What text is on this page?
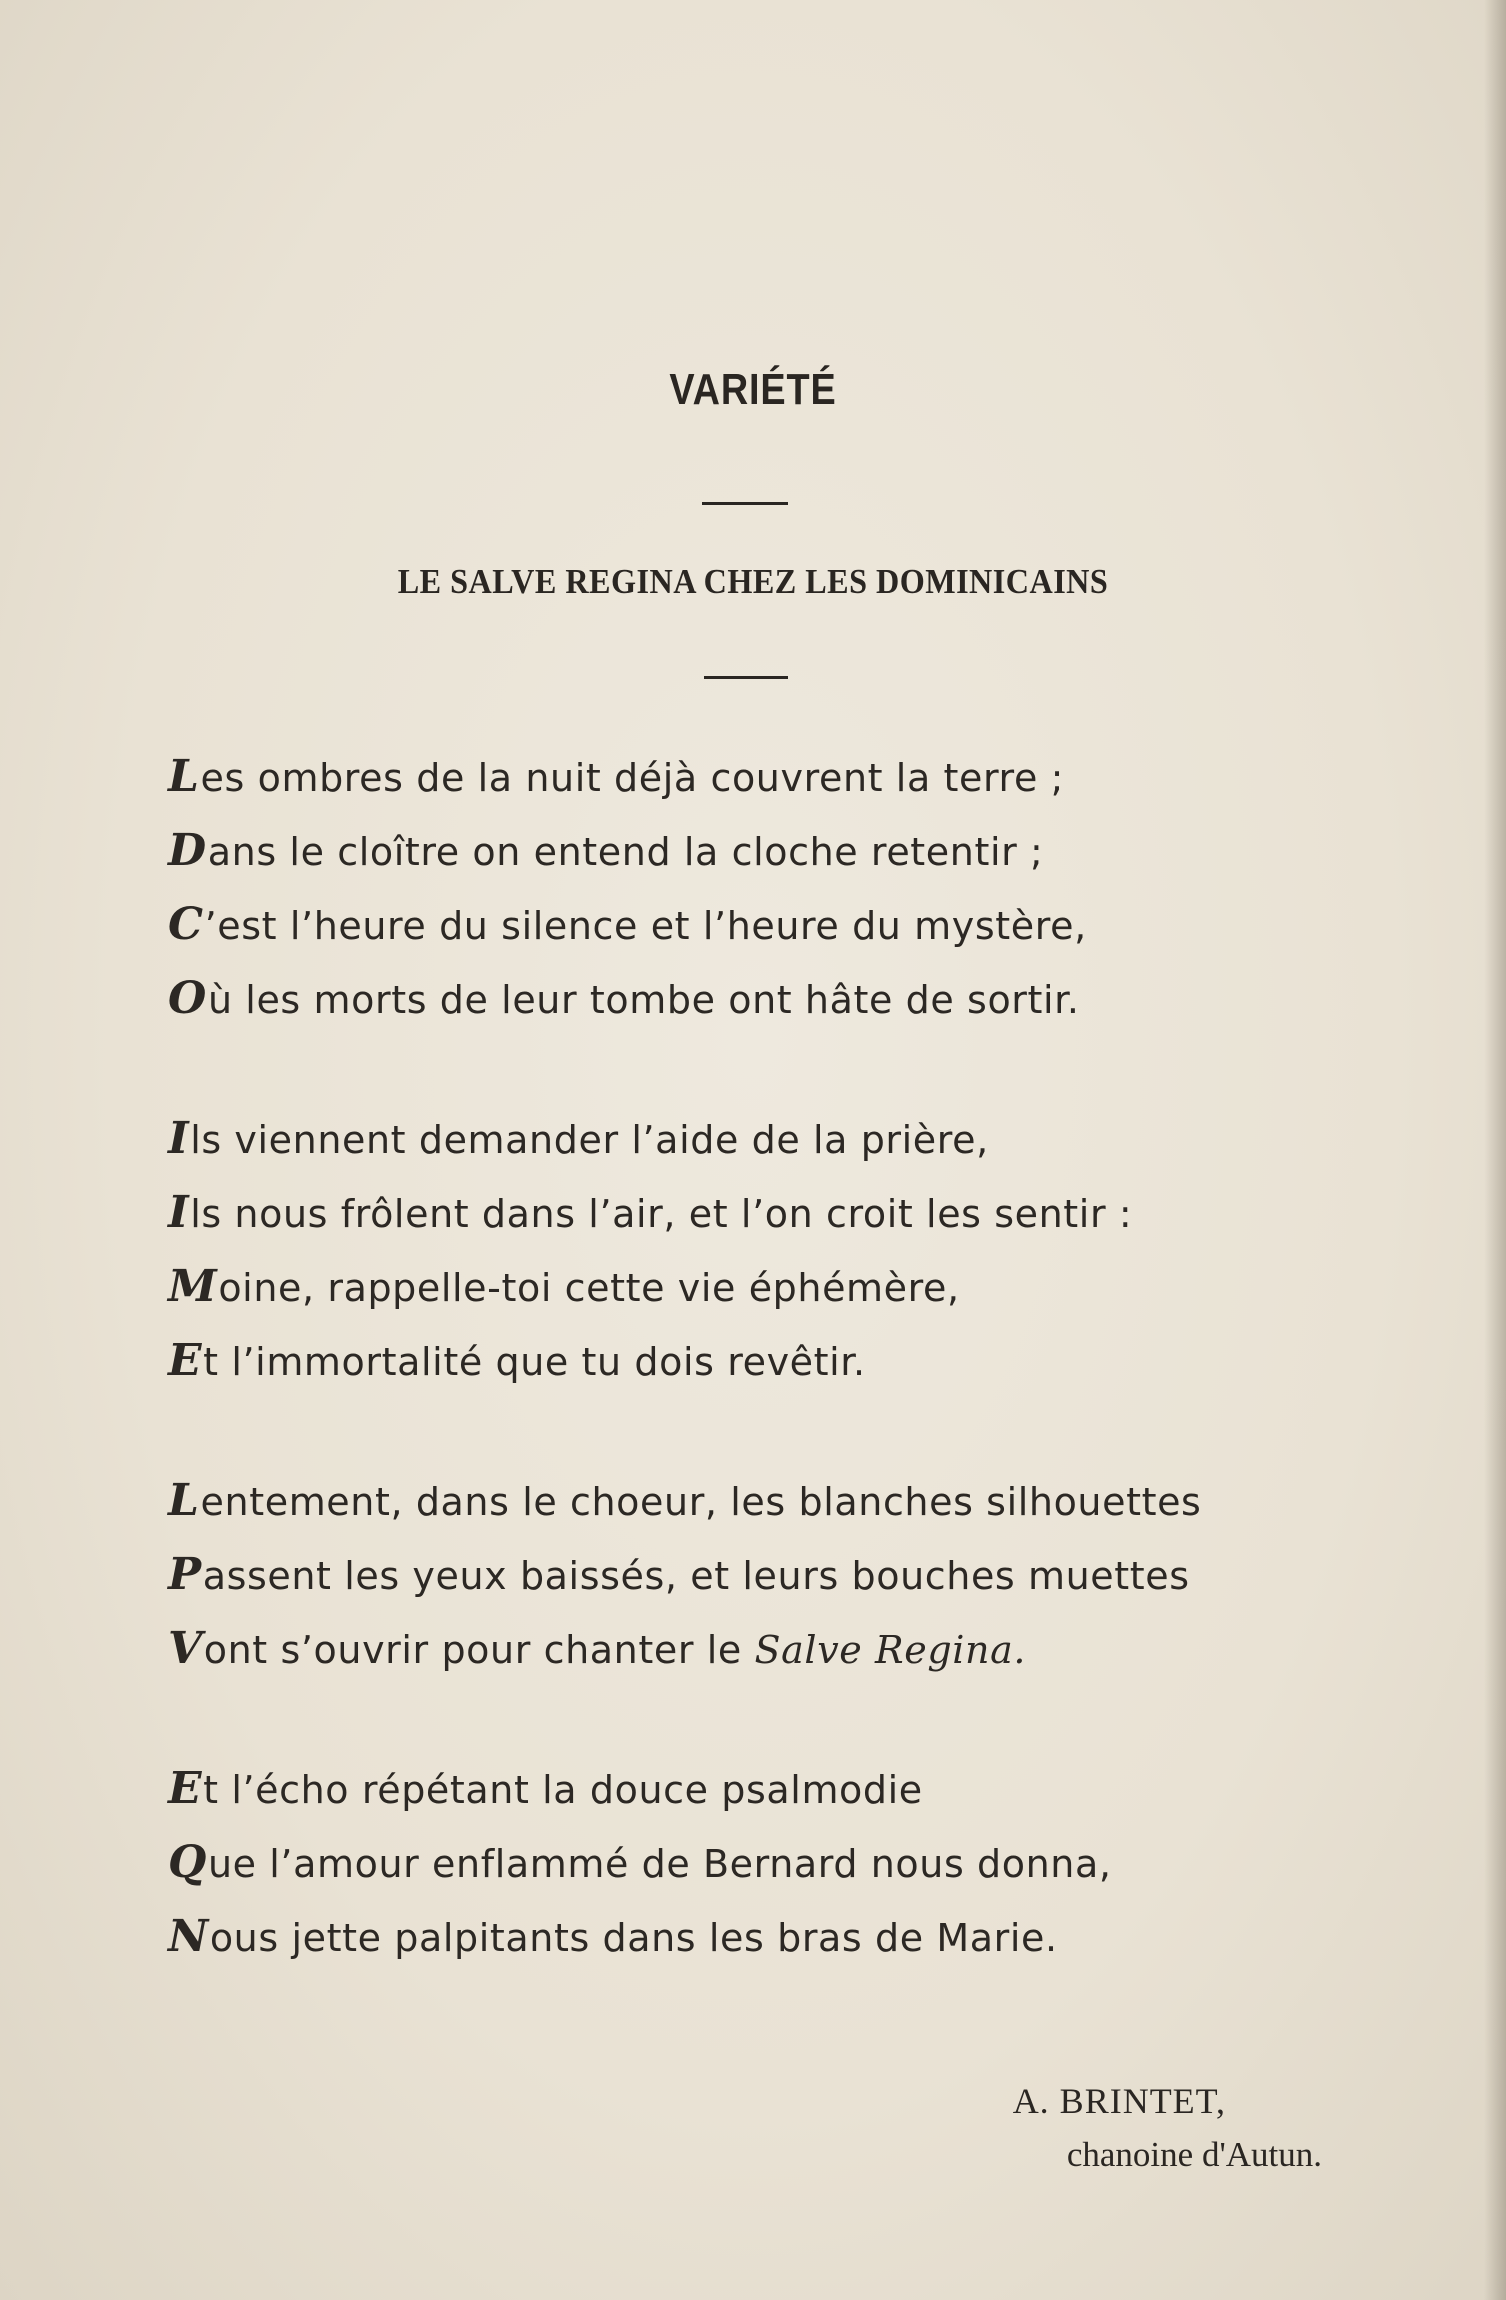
VARIÉTÉ
LE SALVE REGINA CHEZ LES DOMINICAINS
Les ombres de la nuit déjà couvrent la terre ;
Dans le cloître on entend la cloche retentir ;
C’est l’heure du silence et l’heure du mystère,
Où les morts de leur tombe ont hâte de sortir.
Ils viennent demander l’aide de la prière,
Ils nous frôlent dans l’air, et l’on croit les sentir :
Moine, rappelle-toi cette vie éphémère,
Et l’immortalité que tu dois revêtir.
Lentement, dans le choeur, les blanches silhouettes
Passent les yeux baissés, et leurs bouches muettes
Vont s’ouvrir pour chanter le Salve Regina.
Et l’écho répétant la douce psalmodie
Que l’amour enflammé de Bernard nous donna,
Nous jette palpitants dans les bras de Marie.
A. BRINTET,
chanoine d'Autun.
